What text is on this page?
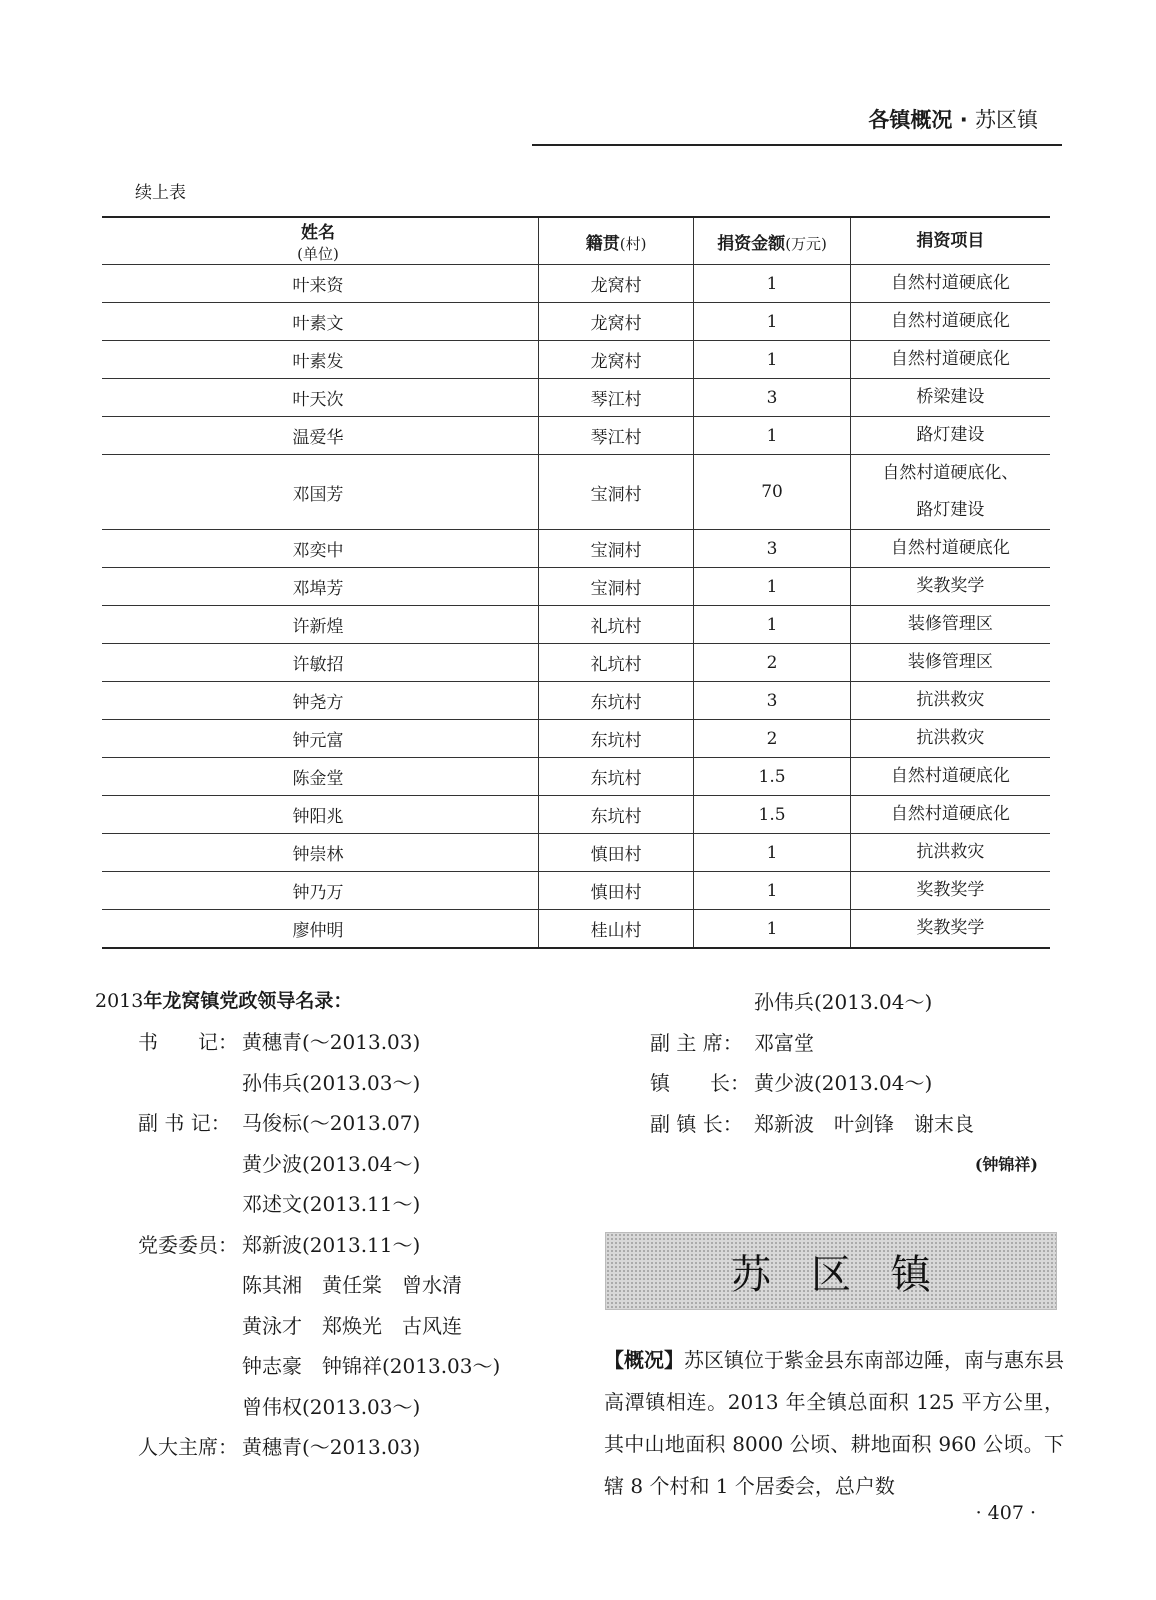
各镇概况 · 苏区镇
续上表
姓名(单位)	籍贯(村)	捐资金额(万元)	捐资项目
叶来资	龙窝村	1	自然村道硬底化
叶素文	龙窝村	1	自然村道硬底化
叶素发	龙窝村	1	自然村道硬底化
叶天次	琴江村	3	桥梁建设
温爱华	琴江村	1	路灯建设
邓国芳	宝洞村	70	自然村道硬底化、
路灯建设
邓奕中	宝洞村	3	自然村道硬底化
邓埠芳	宝洞村	1	奖教奖学
许新煌	礼坑村	1	装修管理区
许敏招	礼坑村	2	装修管理区
钟尧方	东坑村	3	抗洪救灾
钟元富	东坑村	2	抗洪救灾
陈金堂	东坑村	1.5	自然村道硬底化
钟阳兆	东坑村	1.5	自然村道硬底化
钟崇林	慎田村	1	抗洪救灾
钟乃万	慎田村	1	奖教奖学
廖仲明	桂山村	1	奖教奖学
2013年龙窝镇党政领导名录：
书　　记： 黄穗青(～2013.03)
孙伟兵(2013.03～)
副 书 记： 马俊标(～2013.07)
黄少波(2013.04～)
邓述文(2013.11～)
党委委员： 郑新波(2013.11～)
陈其湘　黄任棠　曾水清
黄泳才　郑焕光　古风连
钟志豪　钟锦祥(2013.03～)
曾伟权(2013.03～)
人大主席： 黄穗青(～2013.03)
孙伟兵(2013.04～)
副 主 席： 邓富堂
镇　　长： 黄少波(2013.04～)
副 镇 长： 郑新波　叶剑锋　谢末良
(钟锦祥)
苏区镇
【概况】苏区镇位于紫金县东南部边陲，南与惠东县高潭镇相连。2013 年全镇总面积 125 平方公里，其中山地面积 8000 公顷、耕地面积 960 公顷。下辖 8 个村和 1 个居委会，总户数
· 407 ·
